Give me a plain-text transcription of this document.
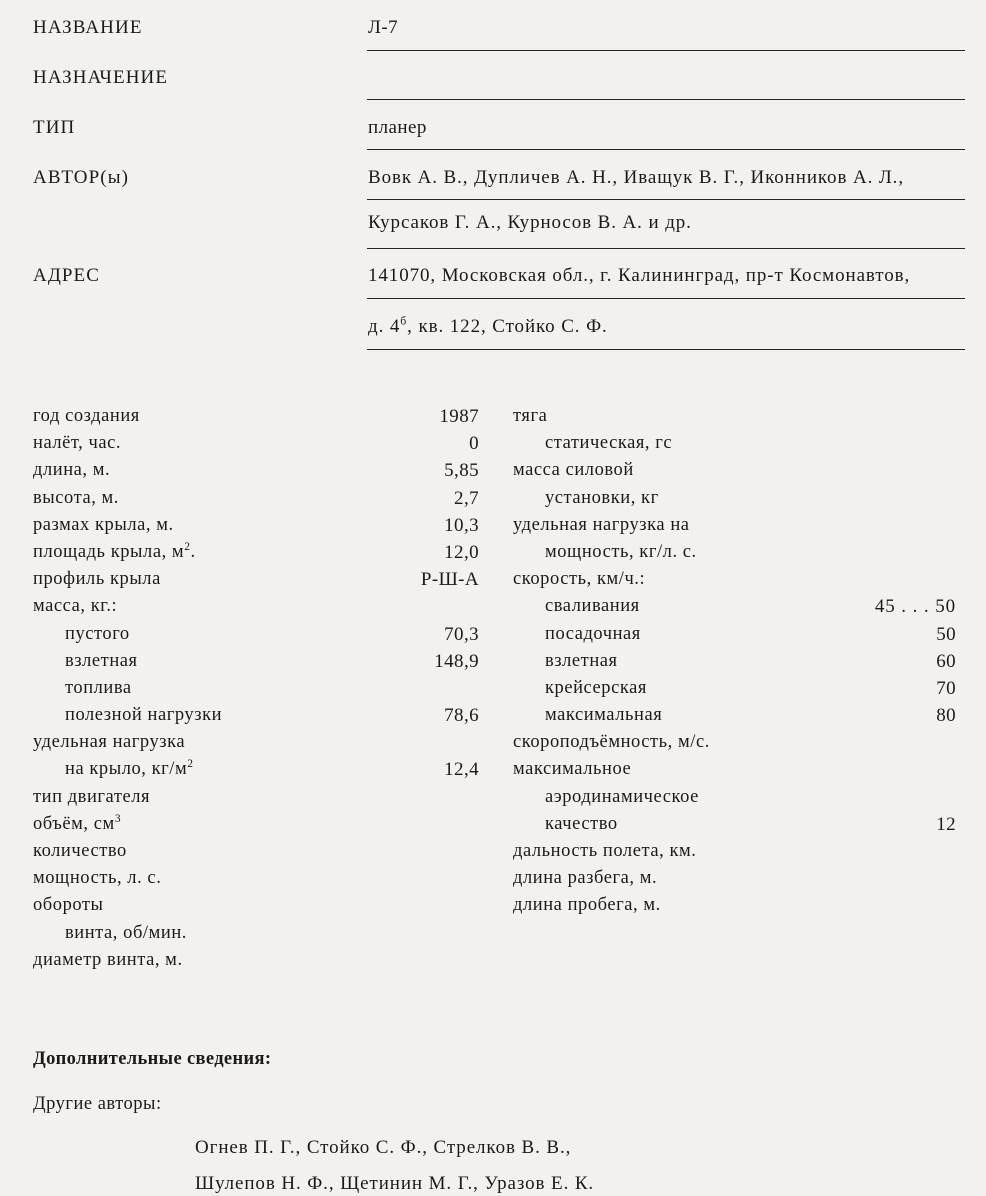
НАЗВАНИЕ	Л-7
НАЗНАЧЕНИЕ
ТИП	планер
АВТОР(ы)	Вовк А. В., Дупличев А. Н., Иващук В. Г., Иконников А. Л.,
Курсаков Г. А., Курносов В. А. и др.
АДРЕС	141070, Московская обл., г. Калининград, пр-т Космонавтов,
д. $4^б$, кв. 122, Стойко С. Ф.
год создания	1987
налёт, час.	0
длина, м.	5,85
высота, м.	2,7
размах крыла, м.	10,3
площадь крыла, $м^2$.	12,0
профиль крыла	Р-Ш-А
масса, кг.:
пустого	70,3
взлетная	148,9
топлива
полезной нагрузки	78,6
удельная нагрузка
на крыло, $кг/м^2$	12,4
тип двигателя
объём, $см^3$
количество
мощность, л. с.
обороты
винта, об/мин.
диаметр винта, м.
тяга
статическая, гс
масса силовой
установки, кг
удельная нагрузка на
мощность, кг/л. с.
скорость, км/ч.:
сваливания	45 . . . 50
посадочная	50
взлетная	60
крейсерская	70
максимальная	80
скороподъёмность, м/с.
максимальное
аэродинамическое
качество	12
дальность полета, км.
длина разбега, м.
длина пробега, м.
Дополнительные сведения:
Другие авторы:
Огнев П. Г., Стойко С. Ф., Стрелков В. В.,
Шулепов Н. Ф., Щетинин М. Г., Уразов Е. К.
